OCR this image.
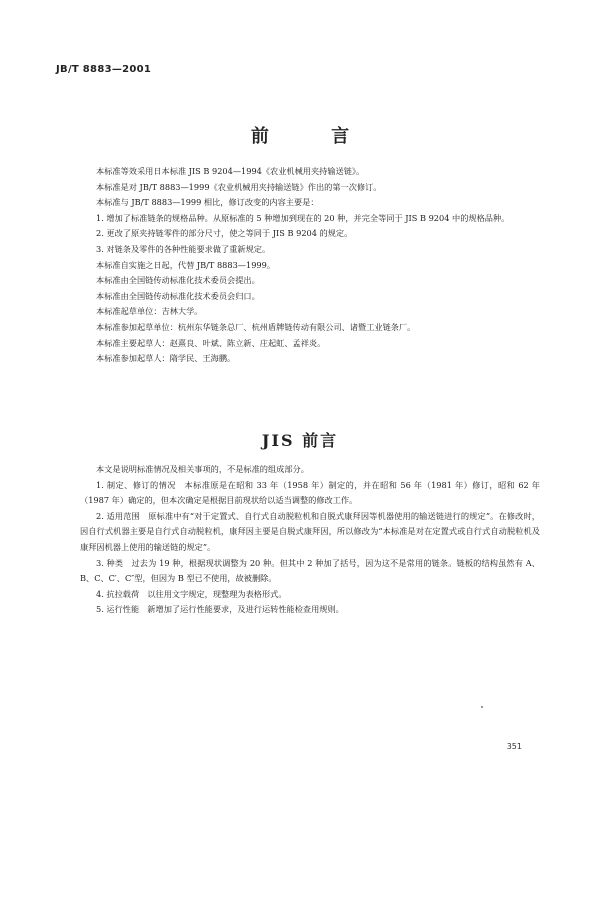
JB/T 8883—2001
前 言

本标准等效采用日本标准 JIS B 9204—1994《农业机械用夹持输送链》。

本标准是对 JB/T 8883—1999《农业机械用夹持输送链》作出的第一次修订。

本标准与 JB/T 8883—1999 相比，修订改变的内容主要是：

1. 增加了标准链条的规格品种。从原标准的 5 种增加到现在的 20 种，并完全等同于 JIS B 9204 中的规格品种。

2. 更改了原夹持链零件的部分尺寸，使之等同于 JIS B 9204 的规定。

3. 对链条及零件的各种性能要求做了重新规定。

本标准自实施之日起，代替 JB/T 8883—1999。

本标准由全国链传动标准化技术委员会提出。

本标准由全国链传动标准化技术委员会归口。

本标准起草单位：吉林大学。

本标准参加起草单位：杭州东华链条总厂、杭州盾牌链传动有限公司、诸暨工业链条厂。

本标准主要起草人：赵熹良、叶斌、陈立新、庄起虹、孟祥炎。

本标准参加起草人：隋学民、王海鹏。

JIS 前言

本文是说明标准情况及相关事项的，不是标准的组成部分。

1. 制定、修订的情况　本标准原是在昭和 33 年（1958 年）制定的，并在昭和 56 年（1981 年）修订，昭和 62 年（1987 年）确定的，但本次确定是根据目前现状给以适当调整的修改工作。

2. 适用范围　原标准中有“对于定置式、自行式自动脱粒机和自脱式康拜因等机器使用的输送链进行的规定”。在修改时，因自行式机器主要是自行式自动脱粒机，康拜因主要是自脱式康拜因，所以修改为“本标准是对在定置式或自行式自动脱粒机及康拜因机器上使用的输送链的规定”。

3. 种类　过去为 19 种，根据现状调整为 20 种。但其中 2 种加了括号，因为这不是常用的链条。链板的结构虽然有 A、B、C、C′、C″型，但因为 B 型已不使用，故被删除。

4. 抗拉载荷　以往用文字规定，现整理为表格形式。

5. 运行性能　新增加了运行性能要求，及进行运转性能检查用规则。

351
